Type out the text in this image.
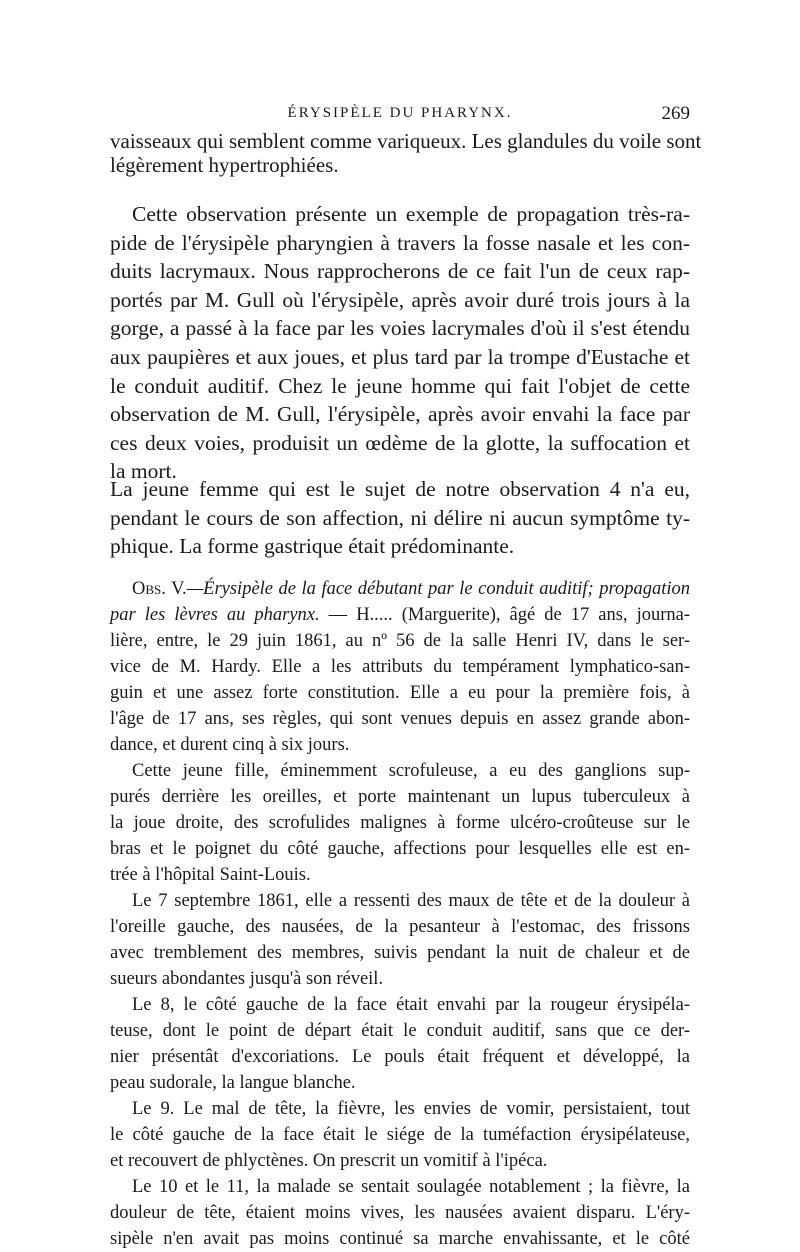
ÉRYSIPÈLE DU PHARYNX.	269
vaisseaux qui semblent comme variqueux. Les glandules du voile sont
légèrement hypertrophiées.
Cette observation présente un exemple de propagation très-ra-
pide de l'érysipèle pharyngien à travers la fosse nasale et les con-
duits lacrymaux. Nous rapprocherons de ce fait l'un de ceux rap-
portés par M. Gull où l'érysipèle, après avoir duré trois jours à la
gorge, a passé à la face par les voies lacrymales d'où il s'est étendu
aux paupières et aux joues, et plus tard par la trompe d'Eustache et
le conduit auditif. Chez le jeune homme qui fait l'objet de cette
observation de M. Gull, l'érysipèle, après avoir envahi la face par
ces deux voies, produisit un œdème de la glotte, la suffocation et
la mort.
La jeune femme qui est le sujet de notre observation 4 n'a eu,
pendant le cours de son affection, ni délire ni aucun symptôme ty-
phique. La forme gastrique était prédominante.
Obs. V.—Érysipèle de la face débutant par le conduit auditif; propagation
par les lèvres au pharynx. — H..... (Marguerite), âgé de 17 ans, journa-
lière, entre, le 29 juin 1861, au nº 56 de la salle Henri IV, dans le ser-
vice de M. Hardy. Elle a les attributs du tempérament lymphatico-san-
guin et une assez forte constitution. Elle a eu pour la première fois, à
l'âge de 17 ans, ses règles, qui sont venues depuis en assez grande abon-
dance, et durent cinq à six jours.
Cette jeune fille, éminemment scrofuleuse, a eu des ganglions sup-
purés derrière les oreilles, et porte maintenant un lupus tuberculeux à
la joue droite, des scrofulides malignes à forme ulcéro-croûteuse sur le
bras et le poignet du côté gauche, affections pour lesquelles elle est en-
trée à l'hôpital Saint-Louis.
Le 7 septembre 1861, elle a ressenti des maux de tête et de la douleur à
l'oreille gauche, des nausées, de la pesanteur à l'estomac, des frissons
avec tremblement des membres, suivis pendant la nuit de chaleur et de
sueurs abondantes jusqu'à son réveil.
Le 8, le côté gauche de la face était envahi par la rougeur érysipéla-
teuse, dont le point de départ était le conduit auditif, sans que ce der-
nier présentât d'excoriations. Le pouls était fréquent et développé, la
peau sudorale, la langue blanche.
Le 9. Le mal de tête, la fièvre, les envies de vomir, persistaient, tout
le côté gauche de la face était le siége de la tuméfaction érysipélateuse,
et recouvert de phlyctènes. On prescrit un vomitif à l'ipéca.
Le 10 et le 11, la malade se sentait soulagée notablement ; la fièvre, la
douleur de tête, étaient moins vives, les nausées avaient disparu. L'éry-
sipèle n'en avait pas moins continué sa marche envahissante, et le côté
